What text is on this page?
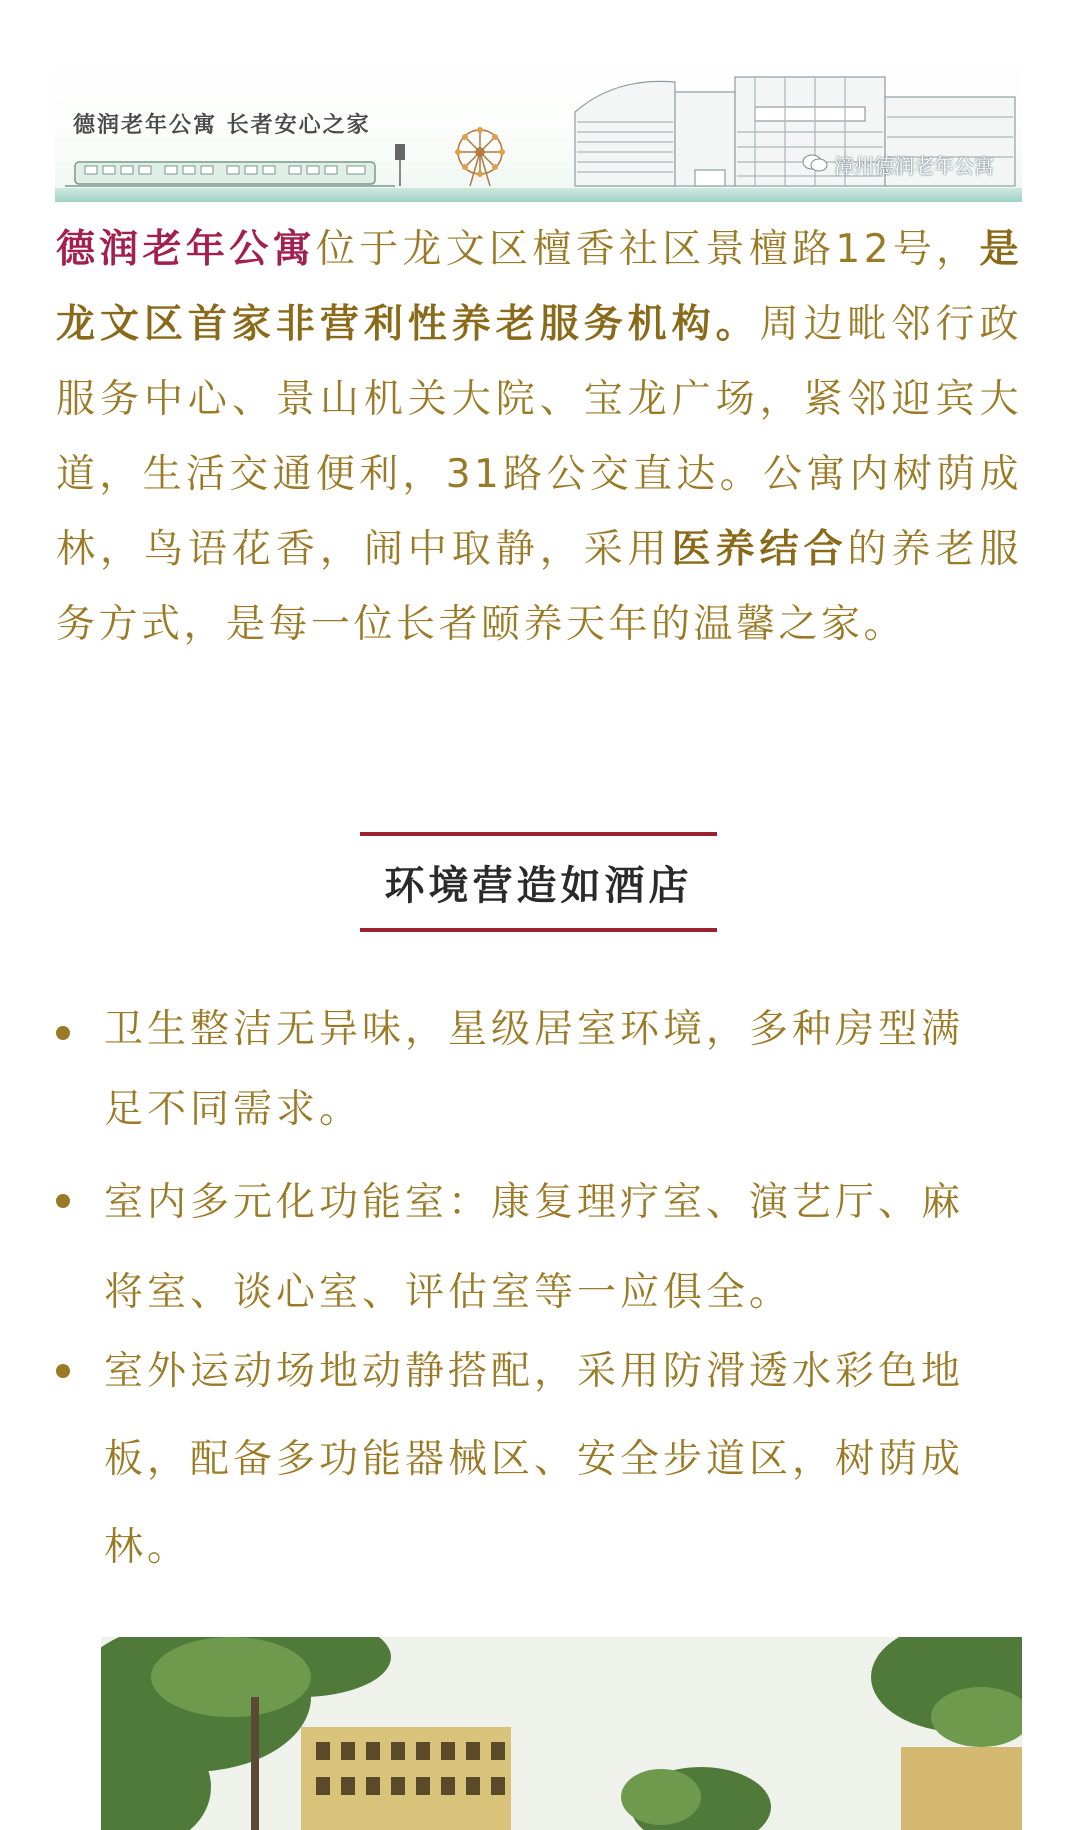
德润老年公寓 长者安心之家
漳州德润老年公寓

德润老年公寓位于龙文区檀香社区景檀路12号，是龙文区首家非营利性养老服务机构。周边毗邻行政服务中心、景山机关大院、宝龙广场，紧邻迎宾大道，生活交通便利，31路公交直达。公寓内树荫成林，鸟语花香，闹中取静，采用医养结合的养老服务方式，是每一位长者颐养天年的温馨之家。

环境营造如酒店
卫生整洁无异味，星级居室环境，多种房型满足不同需求。
室内多元化功能室：康复理疗室、演艺厅、麻将室、谈心室、评估室等一应俱全。
室外运动场地动静搭配，采用防滑透水彩色地板，配备多功能器械区、安全步道区，树荫成林。
